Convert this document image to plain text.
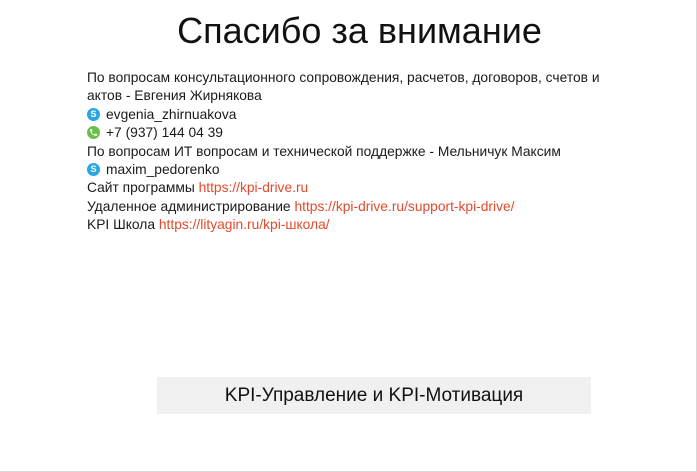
Спасибо за внимание
По вопросам консультационного сопровождения, расчетов, договоров, счетов и актов - Евгения Жирнякова
Sevgenia_zhirnuakova
+7 (937) 144 04 39
По вопросам ИТ вопросам и технической поддержке - Мельничук Максим
Smaxim_pedorenko
Сайт программы https://kpi-drive.ru
Удаленное администрирование https://kpi-drive.ru/support-kpi-drive/
KPI Школа https://lityagin.ru/kpi-школа/
KPI-Управление и KPI-Мотивация
